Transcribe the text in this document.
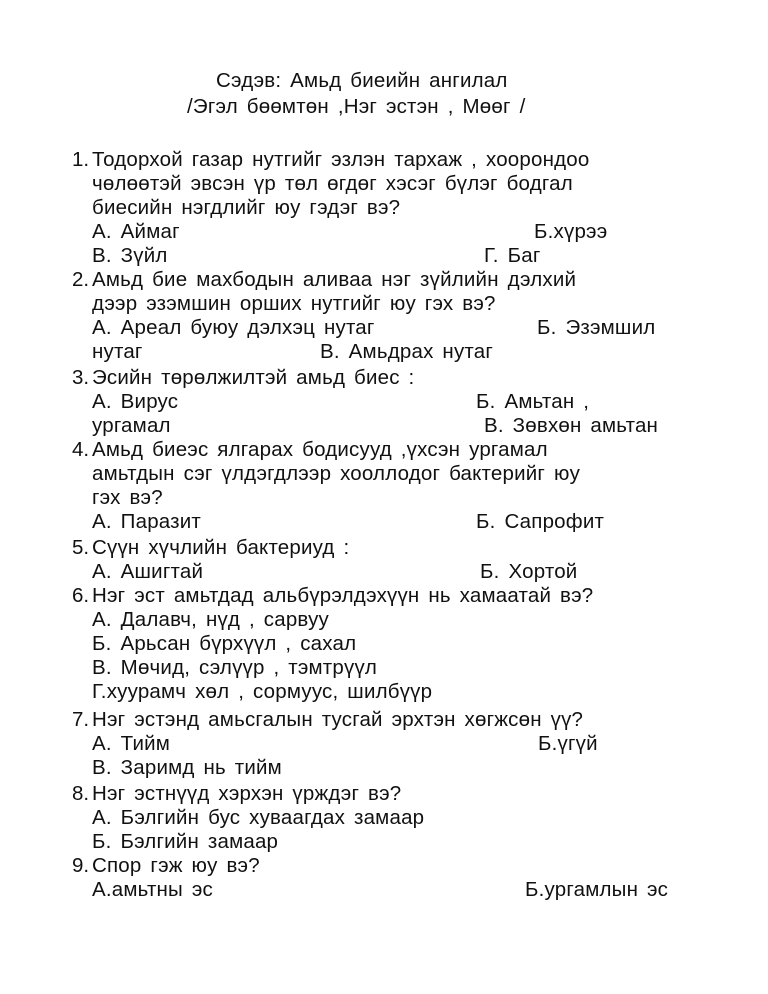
Сэдэв: Амьд биеийн ангилал
/Эгэл бөөмтөн ,Нэг эстэн , Мөөг /
1. Тодорхой газар нутгийг эзлэн тархаж , хоорондоо
чөлөөтэй эвсэн үр төл өгдөг хэсэг бүлэг бодгал
биесийн нэгдлийг юу гэдэг вэ?
А. Аймаг	Б.хүрээ
В. Зүйл	Г. Баг
2. Амьд бие махбодын аливаа нэг зүйлийн дэлхий
дээр эзэмшин орших нутгийг юу гэх вэ?
А. Ареал буюу дэлхэц нутаг	Б. Эзэмшил
нутаг	В. Амьдрах нутаг
3. Эсийн төрөлжилтэй амьд биес :
А. Вирус	Б. Амьтан ,
ургамал	В. Зөвхөн амьтан
4. Амьд биеэс ялгарах бодисууд ,үхсэн ургамал
амьтдын сэг үлдэгдлээр хооллодог бактерийг юу
гэх вэ?
А. Паразит	Б. Сапрофит
5. Сүүн хүчлийн бактериуд :
А. Ашигтай	Б. Хортой
6. Нэг эст амьтдад альбүрэлдэхүүн нь хамаатай вэ?
А. Далавч, нүд , сарвуу
Б. Арьсан бүрхүүл , сахал
В. Мөчид, сэлүүр , тэмтрүүл
Г.хуурамч хөл , сормуус, шилбүүр
7. Нэг эстэнд амьсгалын тусгай эрхтэн хөгжсөн үү?
А. Тийм	Б.үгүй
В. Заримд нь тийм
8. Нэг эстнүүд хэрхэн үрждэг вэ?
А. Бэлгийн бус хуваагдах замаар
Б. Бэлгийн замаар
9. Спор гэж юу вэ?
А.амьтны эс	Б.ургамлын эс
